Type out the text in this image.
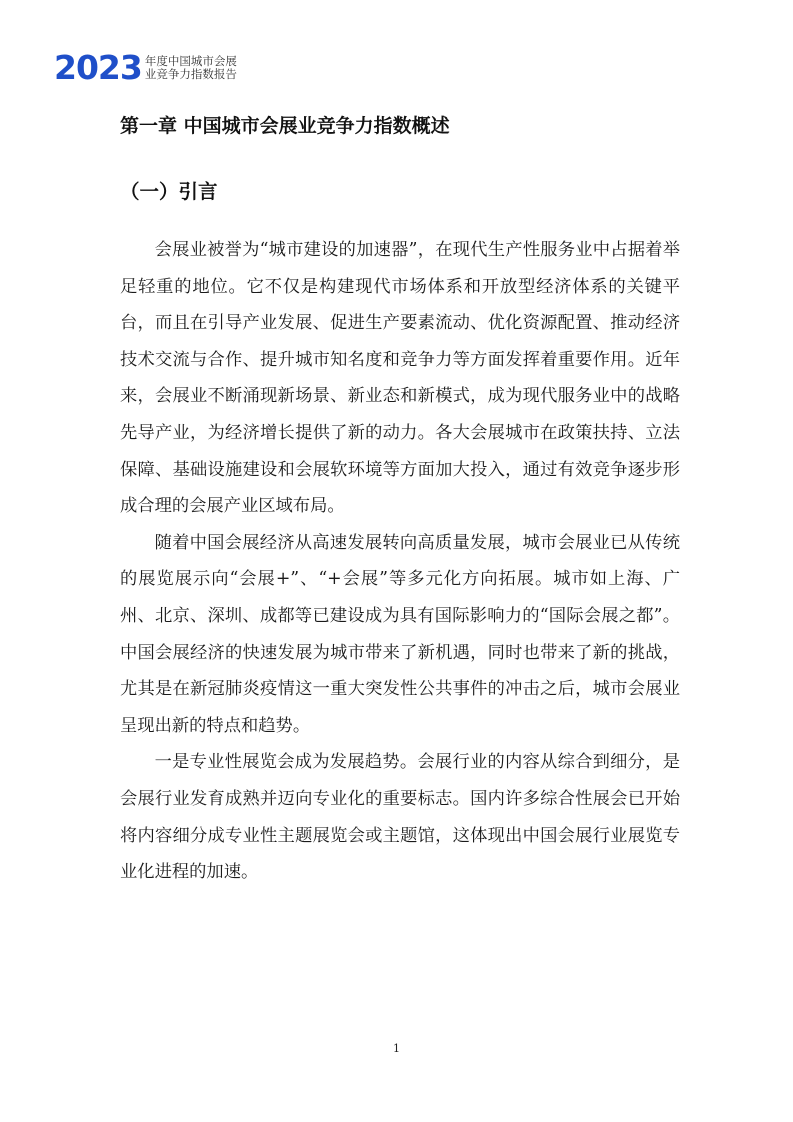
2023 年度中国城市会展
业竞争力指数报告
第一章 中国城市会展业竞争力指数概述
（一）引言

会展业被誉为“城市建设的加速器”，在现代生产性服务业中占据着举足轻重的地位。它不仅是构建现代市场体系和开放型经济体系的关键平台，而且在引导产业发展、促进生产要素流动、优化资源配置、推动经济技术交流与合作、提升城市知名度和竞争力等方面发挥着重要作用。近年来，会展业不断涌现新场景、新业态和新模式，成为现代服务业中的战略先导产业，为经济增长提供了新的动力。各大会展城市在政策扶持、立法保障、基础设施建设和会展软环境等方面加大投入，通过有效竞争逐步形成合理的会展产业区域布局。

随着中国会展经济从高速发展转向高质量发展，城市会展业已从传统的展览展示向“会展+”、“+会展”等多元化方向拓展。城市如上海、广州、北京、深圳、成都等已建设成为具有国际影响力的“国际会展之都”。中国会展经济的快速发展为城市带来了新机遇，同时也带来了新的挑战，尤其是在新冠肺炎疫情这一重大突发性公共事件的冲击之后，城市会展业呈现出新的特点和趋势。

一是专业性展览会成为发展趋势。会展行业的内容从综合到细分，是会展行业发育成熟并迈向专业化的重要标志。国内许多综合性展会已开始将内容细分成专业性主题展览会或主题馆，这体现出中国会展行业展览专业化进程的加速。

1
